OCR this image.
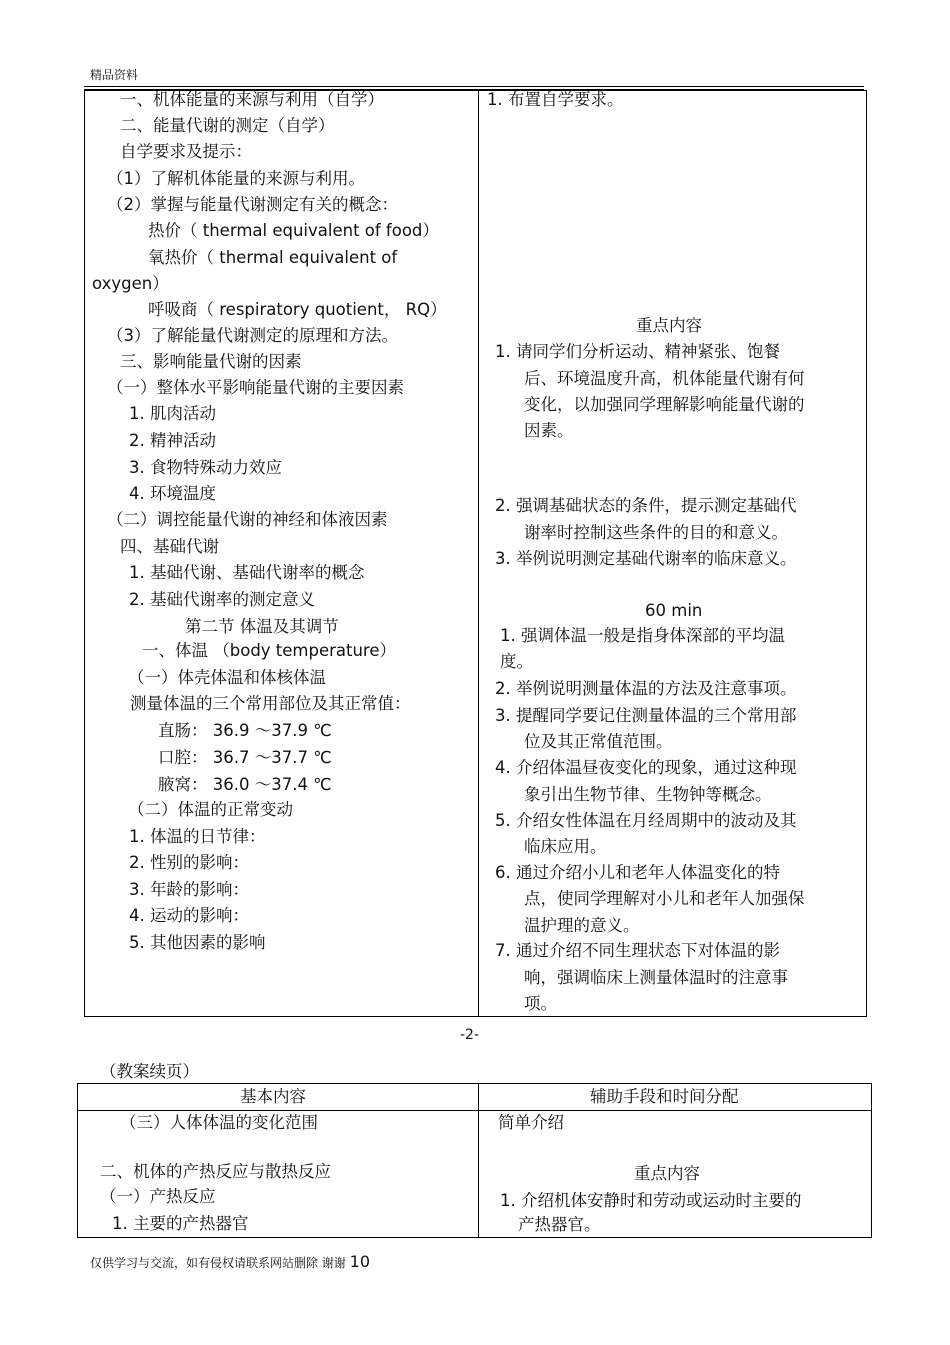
精品资料
一、机体能量的来源与利用（自学）
二、能量代谢的测定（自学）
自学要求及提示：
（1）了解机体能量的来源与利用。
（2）掌握与能量代谢测定有关的概念：
热价（ thermal equivalent of food）
氧热价（ thermal equivalent of
oxygen）
呼吸商（ respiratory quotient， RQ）
（3）了解能量代谢测定的原理和方法。
三、影响能量代谢的因素
（一）整体水平影响能量代谢的主要因素
1. 肌肉活动
2. 精神活动
3. 食物特殊动力效应
4. 环境温度
（二）调控能量代谢的神经和体液因素
四、基础代谢
1. 基础代谢、基础代谢率的概念
2. 基础代谢率的测定意义
第二节 体温及其调节
一、体温 （body temperature）
（一）体壳体温和体核体温
测量体温的三个常用部位及其正常值：
直肠： 36.9 ～37.9 ℃
口腔： 36.7 ～37.7 ℃
腋窝： 36.0 ～37.4 ℃
（二）体温的正常变动
1. 体温的日节律：
2. 性别的影响：
3. 年龄的影响：
4. 运动的影响：
5. 其他因素的影响
1. 布置自学要求。
重点内容
1. 请同学们分析运动、精神紧张、饱餐
后、环境温度升高，机体能量代谢有何
变化，以加强同学理解影响能量代谢的
因素。
2. 强调基础状态的条件，提示测定基础代
谢率时控制这些条件的目的和意义。
3. 举例说明测定基础代谢率的临床意义。
60 min
1. 强调体温一般是指身体深部的平均温
度。
2. 举例说明测量体温的方法及注意事项。
3. 提醒同学要记住测量体温的三个常用部
位及其正常值范围。
4. 介绍体温昼夜变化的现象，通过这种现
象引出生物节律、生物钟等概念。
5. 介绍女性体温在月经周期中的波动及其
临床应用。
6. 通过介绍小儿和老年人体温变化的特
点，使同学理解对小儿和老年人加强保
温护理的意义。
7. 通过介绍不同生理状态下对体温的影
响，强调临床上测量体温时的注意事
项。
-2-
（教案续页）
基本内容	辅助手段和时间分配
（三）人体体温的变化范围
二、机体的产热反应与散热反应
（一）产热反应
1. 主要的产热器官
简单介绍
重点内容
1. 介绍机体安静时和劳动或运动时主要的
产热器官。
仅供学习与交流，如有侵权请联系网站删除 谢谢 10
